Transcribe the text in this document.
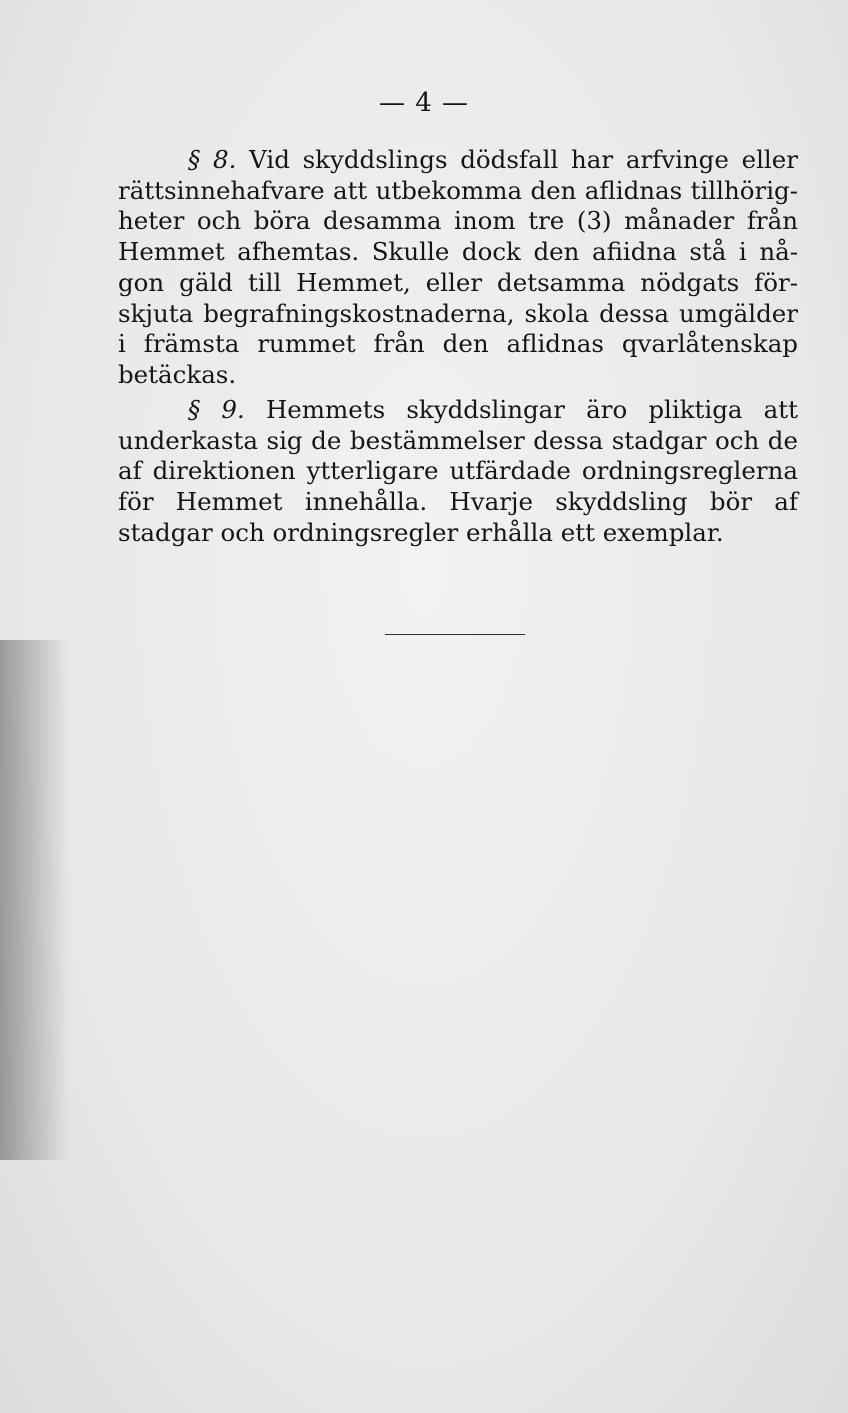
— 4 —

§ 8. Vid skyddslings dödsfall har arfvinge eller
rättsinnehafvare att utbekomma den aflidnas tillhörig-
heter och böra desamma inom tre (3) månader från
Hemmet afhemtas. Skulle dock den afiidna stå i nå-
gon gäld till Hemmet, eller detsamma nödgats för-
skjuta begrafningskostnaderna, skola dessa umgälder
i främsta rummet från den aflidnas qvarlåtenskap
betäckas.

§ 9. Hemmets skyddslingar äro pliktiga att
underkasta sig de bestämmelser dessa stadgar och de
af direktionen ytterligare utfärdade ordningsreglerna
för Hemmet innehålla. Hvarje skyddsling bör af
stadgar och ordningsregler erhålla ett exemplar.
